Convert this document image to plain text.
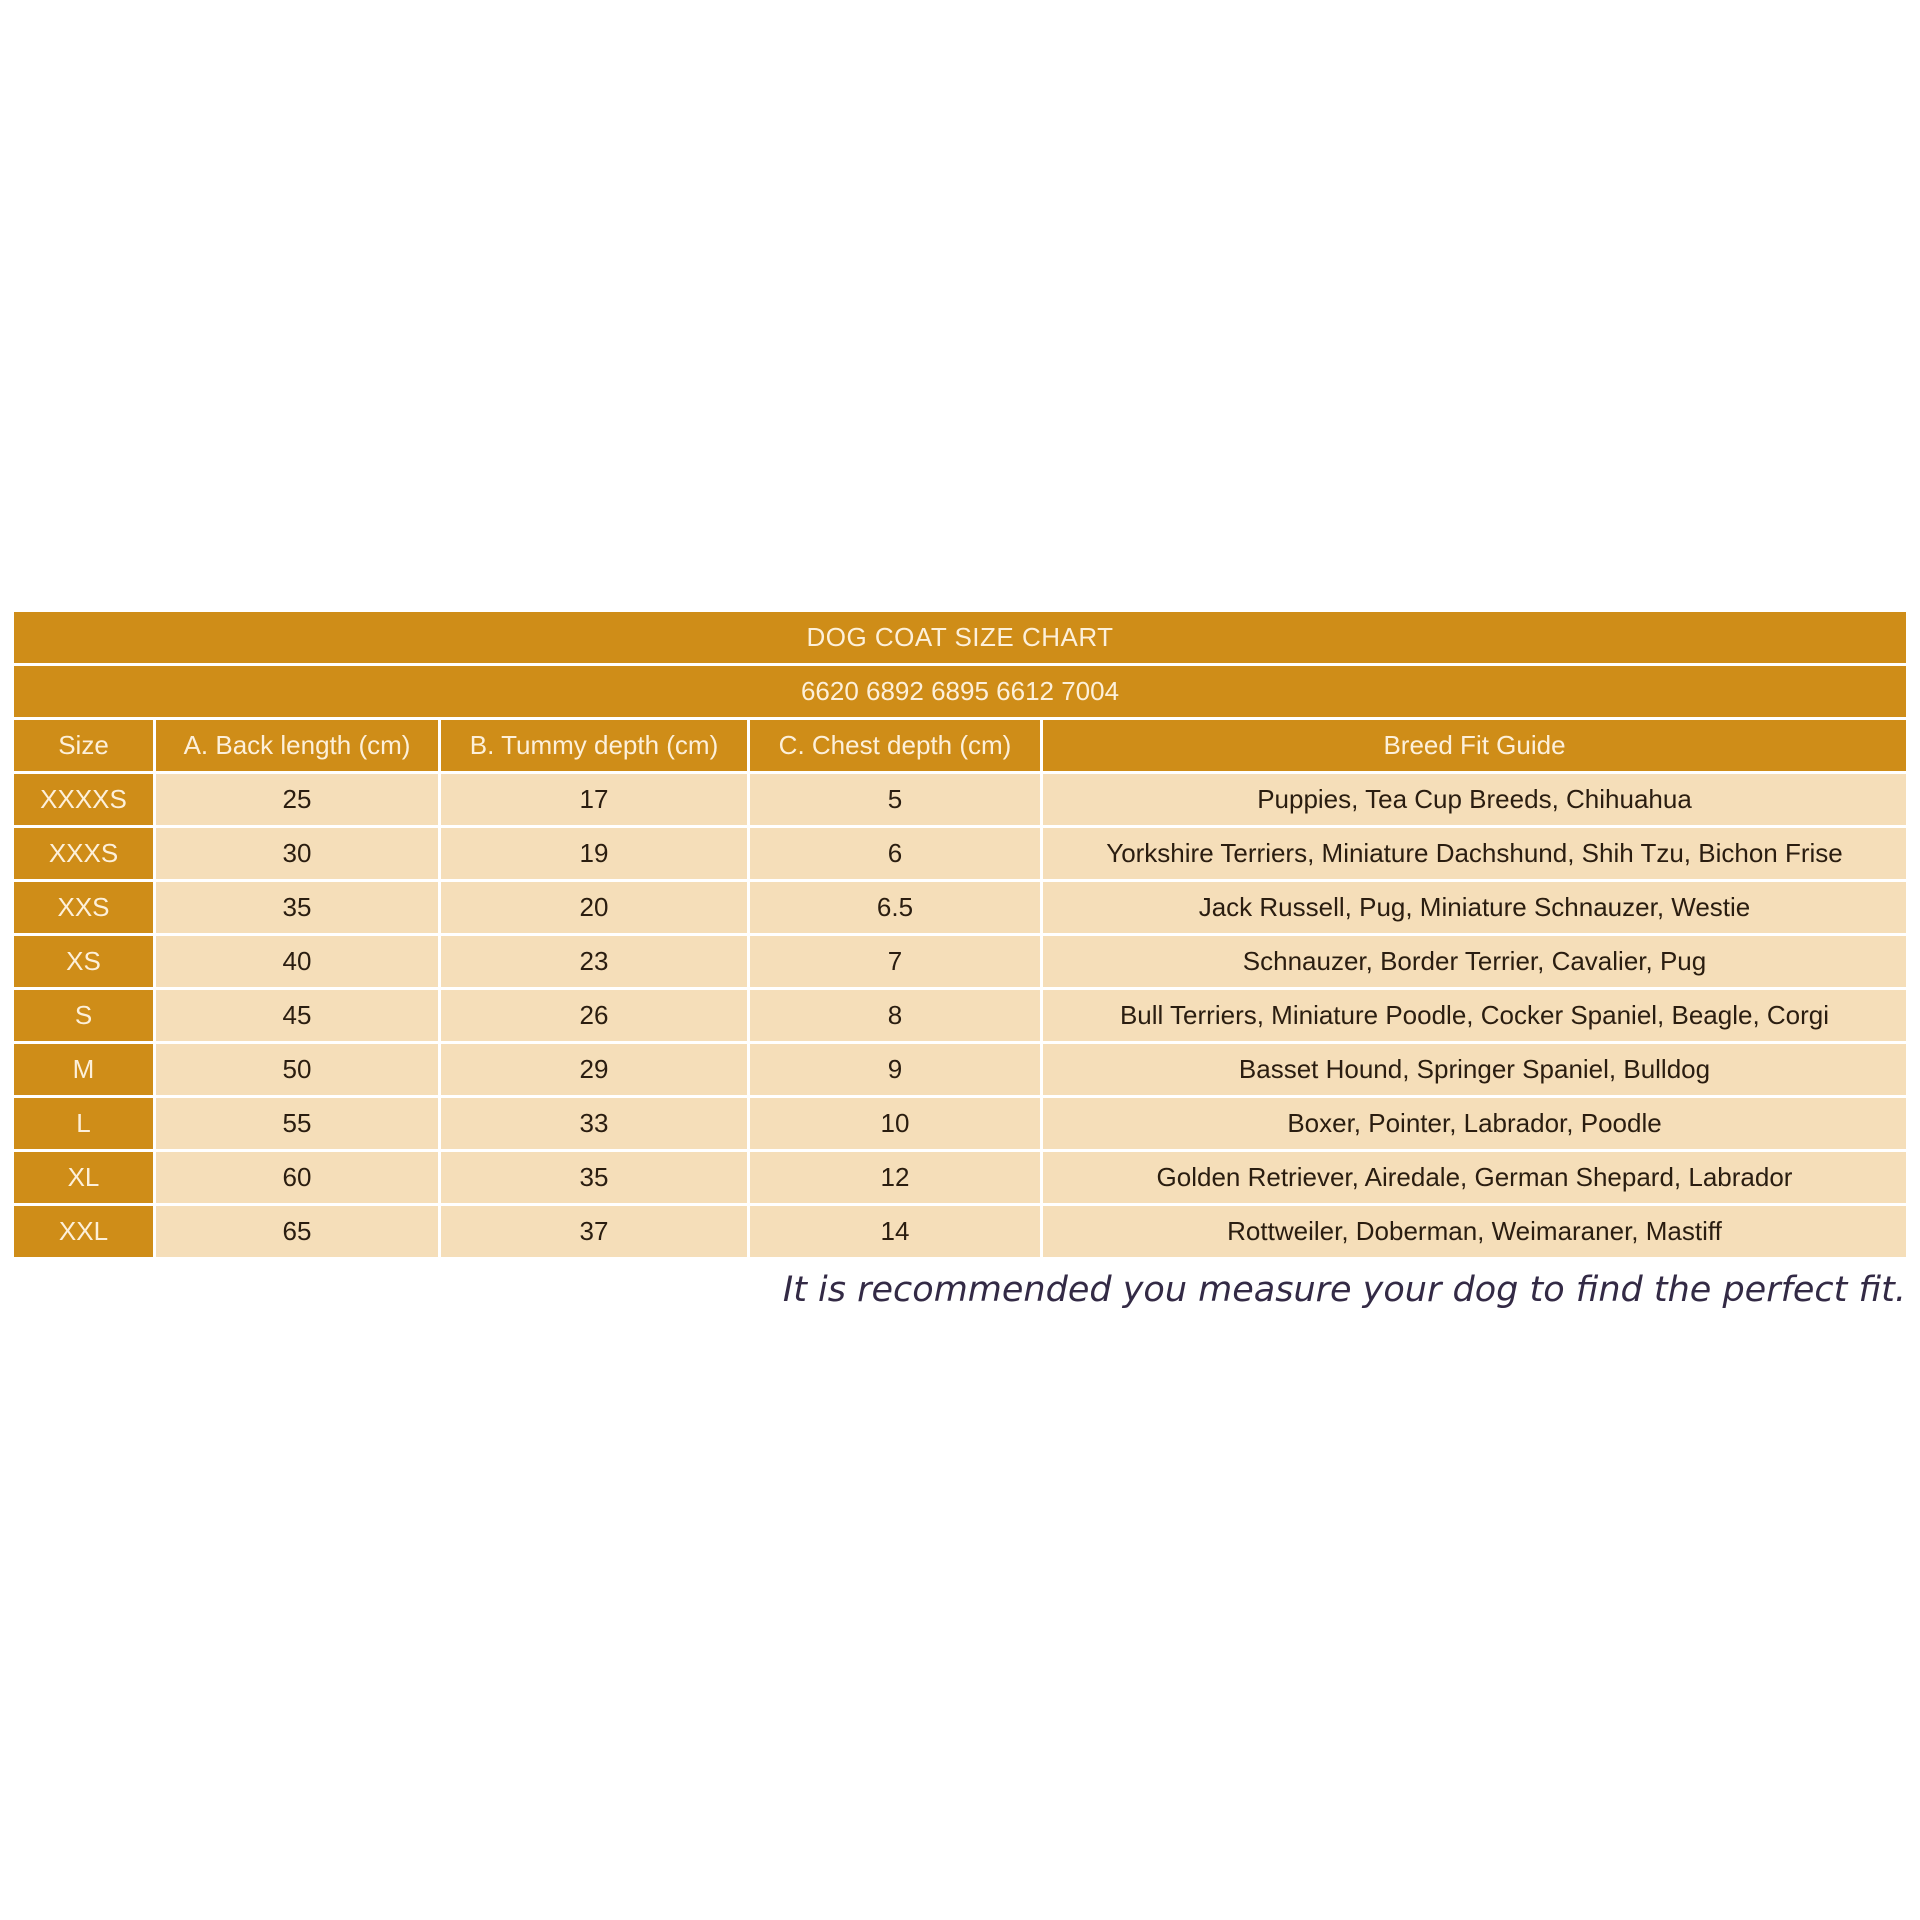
DOG COAT SIZE CHART				
6620 6892 6895 6612 7004				
Size	A. Back length (cm)	B. Tummy depth (cm)	C. Chest depth (cm)	Breed Fit Guide
XXXXS	25	17	5	Puppies, Tea Cup Breeds, Chihuahua
XXXS	30	19	6	Yorkshire Terriers, Miniature Dachshund, Shih Tzu, Bichon Frise
XXS	35	20	6.5	Jack Russell, Pug, Miniature Schnauzer, Westie
XS	40	23	7	Schnauzer, Border Terrier, Cavalier, Pug
S	45	26	8	Bull Terriers, Miniature Poodle, Cocker Spaniel, Beagle, Corgi
M	50	29	9	Basset Hound, Springer Spaniel, Bulldog
L	55	33	10	Boxer, Pointer, Labrador, Poodle
XL	60	35	12	Golden Retriever, Airedale, German Shepard, Labrador
XXL	65	37	14	Rottweiler, Doberman, Weimaraner, Mastiff
It is recommended you measure your dog to find the perfect fit.
